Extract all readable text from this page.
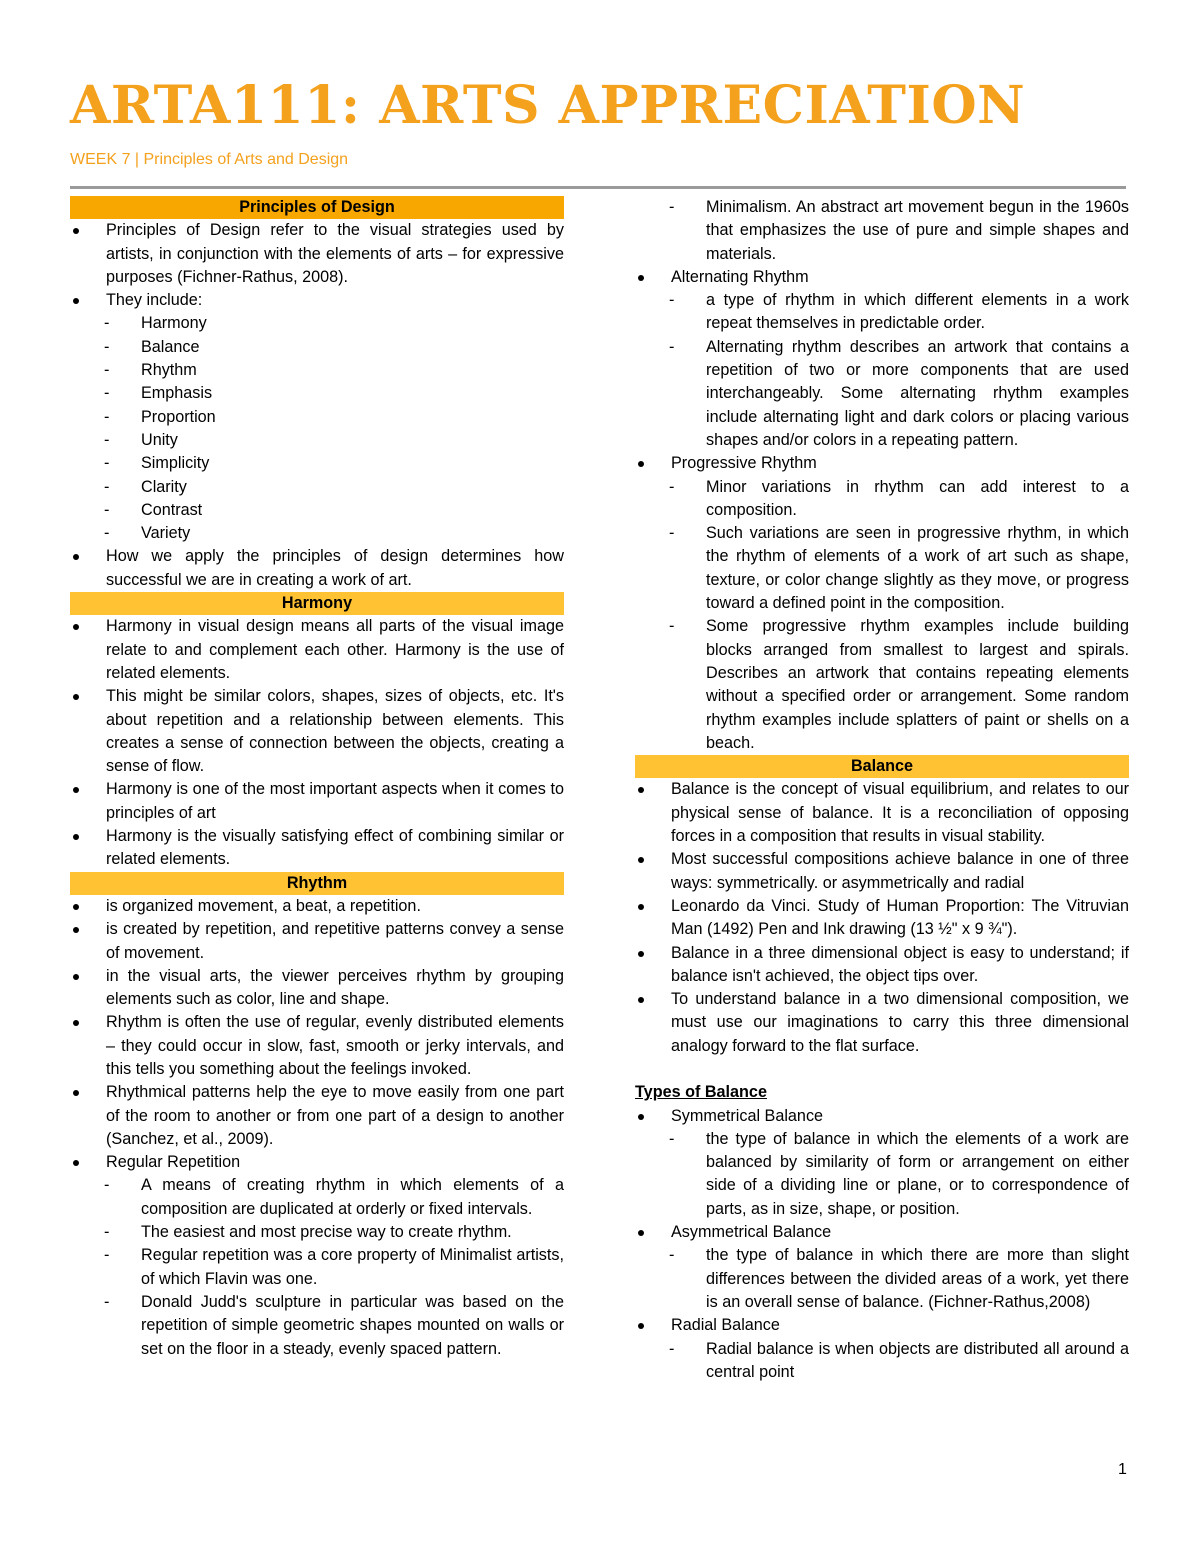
ARTA111: ARTS APPRECIATION
WEEK 7 | Principles of Arts and Design
Principles of Design
Principles of Design refer to the visual strategies used by artists, in conjunction with the elements of arts – for expressive purposes (Fichner-Rathus, 2008).
They include:
- Harmony
- Balance
- Rhythm
- Emphasis
- Proportion
- Unity
- Simplicity
- Clarity
- Contrast
- Variety
How we apply the principles of design determines how successful we are in creating a work of art.
Harmony
Harmony in visual design means all parts of the visual image relate to and complement each other. Harmony is the use of related elements.
This might be similar colors, shapes, sizes of objects, etc. It's about repetition and a relationship between elements. This creates a sense of connection between the objects, creating a sense of flow.
Harmony is one of the most important aspects when it comes to principles of art
Harmony is the visually satisfying effect of combining similar or related elements.
Rhythm
is organized movement, a beat, a repetition.
is created by repetition, and repetitive patterns convey a sense of movement.
in the visual arts, the viewer perceives rhythm by grouping elements such as color, line and shape.
Rhythm is often the use of regular, evenly distributed elements – they could occur in slow, fast, smooth or jerky intervals, and this tells you something about the feelings invoked.
Rhythmical patterns help the eye to move easily from one part of the room to another or from one part of a design to another (Sanchez, et al., 2009).
Regular Repetition
- A means of creating rhythm in which elements of a composition are duplicated at orderly or fixed intervals.
- The easiest and most precise way to create rhythm.
- Regular repetition was a core property of Minimalist artists, of which Flavin was one.
- Donald Judd's sculpture in particular was based on the repetition of simple geometric shapes mounted on walls or set on the floor in a steady, evenly spaced pattern.
- Minimalism. An abstract art movement begun in the 1960s that emphasizes the use of pure and simple shapes and materials.
Alternating Rhythm
- a type of rhythm in which different elements in a work repeat themselves in predictable order.
- Alternating rhythm describes an artwork that contains a repetition of two or more components that are used interchangeably. Some alternating rhythm examples include alternating light and dark colors or placing various shapes and/or colors in a repeating pattern.
Progressive Rhythm
- Minor variations in rhythm can add interest to a composition.
- Such variations are seen in progressive rhythm, in which the rhythm of elements of a work of art such as shape, texture, or color change slightly as they move, or progress toward a defined point in the composition.
- Some progressive rhythm examples include building blocks arranged from smallest to largest and spirals. Describes an artwork that contains repeating elements without a specified order or arrangement. Some random rhythm examples include splatters of paint or shells on a beach.
Balance
Balance is the concept of visual equilibrium, and relates to our physical sense of balance. It is a reconciliation of opposing forces in a composition that results in visual stability.
Most successful compositions achieve balance in one of three ways: symmetrically. or asymmetrically and radial
Leonardo da Vinci. Study of Human Proportion: The Vitruvian Man (1492) Pen and Ink drawing (13 ½" x 9 ¾").
Balance in a three dimensional object is easy to understand; if balance isn't achieved, the object tips over.
To understand balance in a two dimensional composition, we must use our imaginations to carry this three dimensional analogy forward to the flat surface.
Types of Balance
Symmetrical Balance
- the type of balance in which the elements of a work are balanced by similarity of form or arrangement on either side of a dividing line or plane, or to correspondence of parts, as in size, shape, or position.
Asymmetrical Balance
- the type of balance in which there are more than slight differences between the divided areas of a work, yet there is an overall sense of balance. (Fichner-Rathus,2008)
Radial Balance
- Radial balance is when objects are distributed all around a central point
1
